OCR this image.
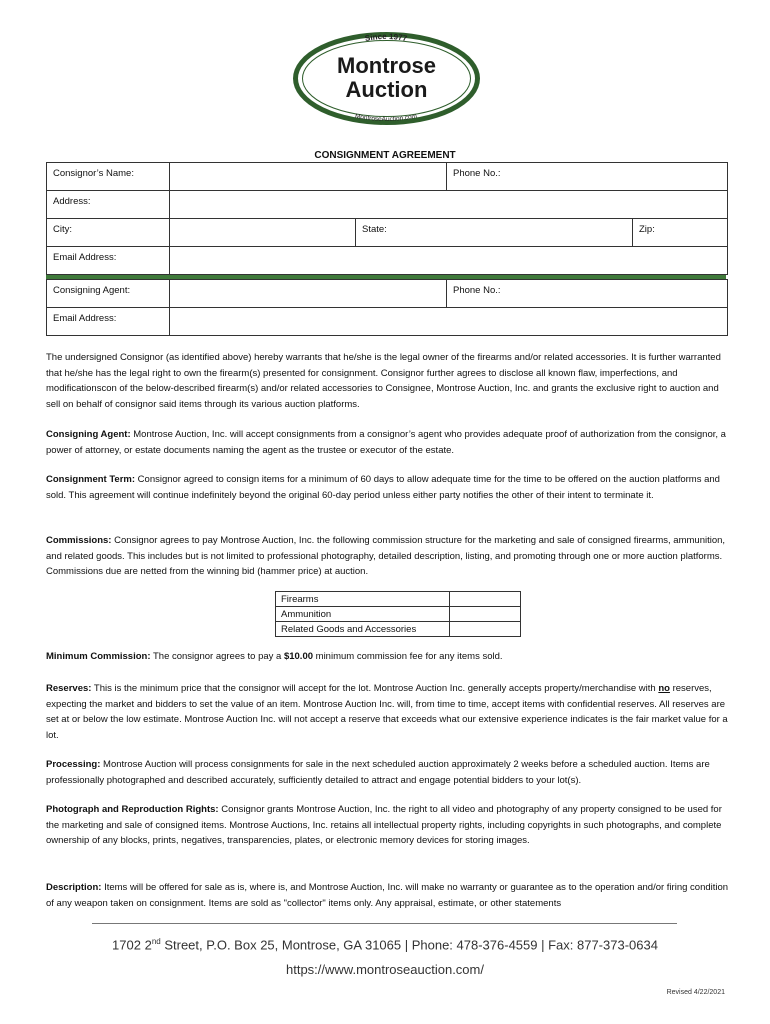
Since 1977
Montrose
Auction
MontroseAuction.com
CONSIGNMENT AGREEMENT
Consignor’s Name:			Phone No.:	
Address:				
City:		State:		Zip:
Email Address:				
Consigning Agent:		Phone No.:
Email Address:		
The undersigned Consignor (as identified above) hereby warrants that he/she is the legal owner of the firearms and/or related accessories. It is further warranted that he/she has the legal right to own the firearm(s) presented for consignment. Consignor further agrees to disclose all known flaw, imperfections, and modificationscon of the below-described firearm(s) and/or related accessories to Consignee, Montrose Auction, Inc. and grants the exclusive right to auction and sell on behalf of consignor said items through its various auction platforms.
Consigning Agent: Montrose Auction, Inc. will accept consignments from a consignor’s agent who provides adequate proof of authorization from the consignor, a power of attorney, or estate documents naming the agent as the trustee or executor of the estate.
Consignment Term: Consignor agreed to consign items for a minimum of 60 days to allow adequate time for the time to be offered on the auction platforms and sold. This agreement will continue indefinitely beyond the original 60-day period unless either party notifies the other of their intent to terminate it.
Commissions: Consignor agrees to pay Montrose Auction, Inc. the following commission structure for the marketing and sale of consigned firearms, ammunition, and related goods. This includes but is not limited to professional photography, detailed description, listing, and promoting through one or more auction platforms. Commissions due are netted from the winning bid (hammer price) at auction.
Firearms	
Ammunition	
Related Goods and Accessories	
Minimum Commission: The consignor agrees to pay a $10.00 minimum commission fee for any items sold.
Reserves: This is the minimum price that the consignor will accept for the lot. Montrose Auction Inc. generally accepts property/merchandise with no reserves, expecting the market and bidders to set the value of an item. Montrose Auction Inc. will, from time to time, accept items with confidential reserves. All reserves are set at or below the low estimate. Montrose Auction Inc. will not accept a reserve that exceeds what our extensive experience indicates is the fair market value for a lot.
Processing: Montrose Auction will process consignments for sale in the next scheduled auction approximately 2 weeks before a scheduled auction. Items are professionally photographed and described accurately, sufficiently detailed to attract and engage potential bidders to your lot(s).
Photograph and Reproduction Rights: Consignor grants Montrose Auction, Inc. the right to all video and photography of any property consigned to be used for the marketing and sale of consigned items. Montrose Auctions, Inc. retains all intellectual property rights, including copyrights in such photographs, and complete ownership of any blocks, prints, negatives, transparencies, plates, or electronic memory devices for storing images.
Description: Items will be offered for sale as is, where is, and Montrose Auction, Inc. will make no warranty or guarantee as to the operation and/or firing condition of any weapon taken on consignment. Items are sold as "collector" items only. Any appraisal, estimate, or other statements
1702 2nd Street, P.O. Box 25, Montrose, GA 31065 | Phone: 478-376-4559 | Fax: 877-373-0634
https://www.montroseauction.com/
Revised 4/22/2021
